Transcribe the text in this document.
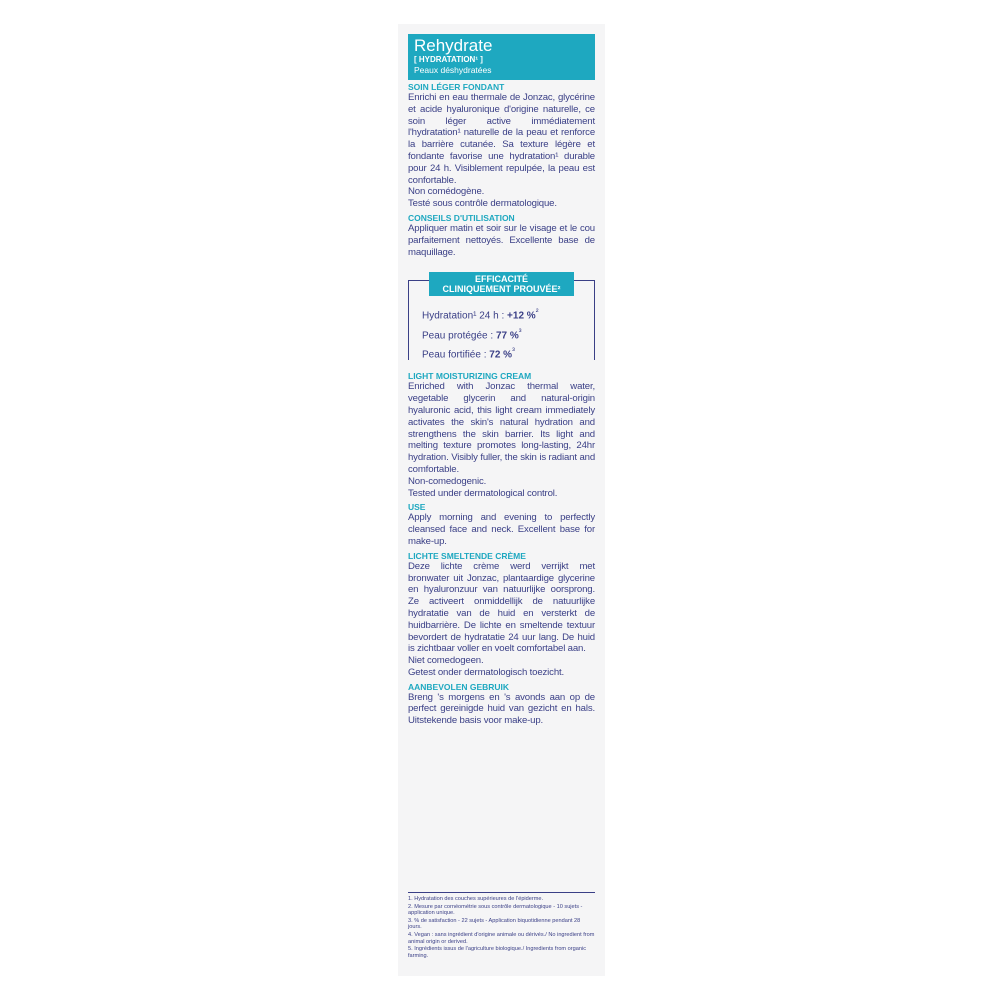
Rehydrate
[ HYDRATATION¹ ]
Peaux déshydratées

SOIN LÉGER FONDANT

Enrichi en eau thermale de Jonzac, glycérine et acide hyaluronique d'origine naturelle, ce soin léger active immédiatement l'hydratation¹ naturelle de la peau et renforce la barrière cutanée. Sa texture légère et fondante favorise une hydratation¹ durable pour 24 h. Visiblement repulpée, la peau est confortable.

Non comédogène.

Testé sous contrôle dermatologique.

CONSEILS D'UTILISATION

Appliquer matin et soir sur le visage et le cou parfaitement nettoyés. Excellente base de maquillage.

EFFICACITÉ
CLINIQUEMENT PROUVÉE²

Hydratation¹ 24 h : +12 %$^{^2}$

Peau protégée : 77 %$^{^3}$

Peau fortifiée : 72 %$^{^3}$

LIGHT MOISTURIZING CREAM

Enriched with Jonzac thermal water, vegetable glycerin and natural-origin hyaluronic acid, this light cream immediately activates the skin's natural hydration and strengthens the skin barrier. Its light and melting texture promotes long-lasting, 24hr hydration. Visibly fuller, the skin is radiant and comfortable.

Non-comedogenic.

Tested under dermatological control.

USE

Apply morning and evening to perfectly cleansed face and neck. Excellent base for make-up.

LICHTE SMELTENDE CRÈME

Deze lichte crème werd verrijkt met bronwater uit Jonzac, plantaardige glycerine en hyaluronzuur van natuurlijke oorsprong. Ze activeert onmiddellijk de natuurlijke hydratatie van de huid en versterkt de huidbarrière. De lichte en smeltende textuur bevordert de hydratatie 24 uur lang. De huid is zichtbaar voller en voelt comfortabel aan.

Niet comedogeen.

Getest onder dermatologisch toezicht.

AANBEVOLEN GEBRUIK

Breng 's morgens en 's avonds aan op de perfect gereinigde huid van gezicht en hals. Uitstekende basis voor make-up.

1. Hydratation des couches supérieures de l'épiderme.

2. Mesure par cornéométrie sous contrôle dermatologique - 10 sujets - application unique.

3. % de satisfaction - 22 sujets - Application biquotidienne pendant 28 jours.

4. Vegan : sans ingrédient d'origine animale ou dérivés./ No ingredient from animal origin or derived.

5. Ingrédients issus de l'agriculture biologique./ Ingredients from organic farming.
